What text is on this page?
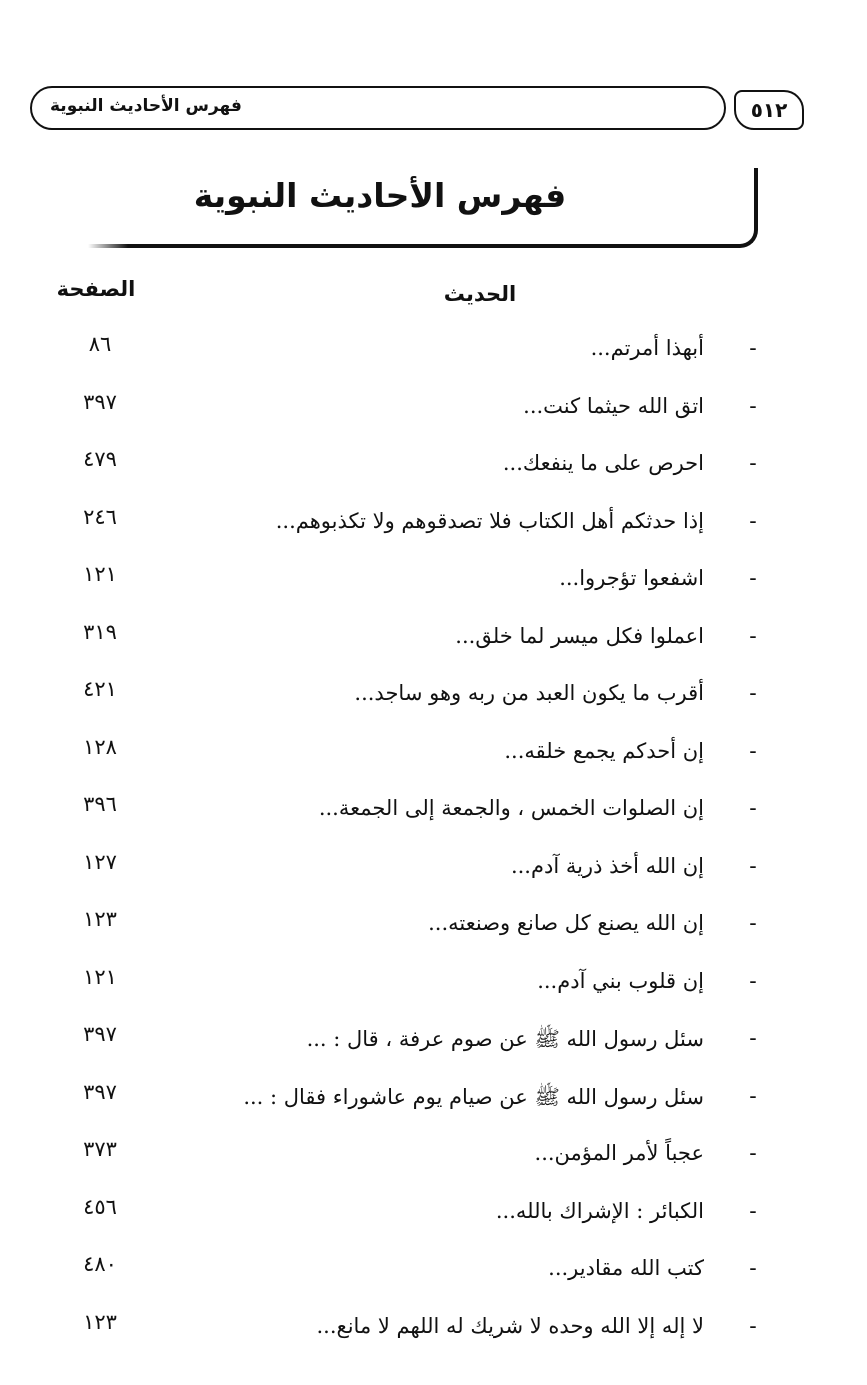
فهرس الأحاديث النبوية	٥١٢
فهرس الأحاديث النبوية
الحديث
الصفحة
-
أبهذا أمرتم...
٨٦
-
اتق الله حيثما كنت...
٣٩٧
-
احرص على ما ينفعك...
٤٧٩
-
إذا حدثكم أهل الكتاب فلا تصدقوهم ولا تكذبوهم...
٢٤٦
-
اشفعوا تؤجروا...
١٢١
-
اعملوا فكل ميسر لما خلق...
٣١٩
-
أقرب ما يكون العبد من ربه وهو ساجد...
٤٢١
-
إن أحدكم يجمع خلقه...
١٢٨
-
إن الصلوات الخمس ، والجمعة إلى الجمعة...
٣٩٦
-
إن الله أخذ ذرية آدم...
١٢٧
-
إن الله يصنع كل صانع وصنعته...
١٢٣
-
إن قلوب بني آدم...
١٢١
-
سئل رسول الله ﷺ عن صوم عرفة ، قال : ...
٣٩٧
-
سئل رسول الله ﷺ عن صيام يوم عاشوراء فقال : ...
٣٩٧
-
عجباً لأمر المؤمن...
٣٧٣
-
الكبائر : الإشراك بالله...
٤٥٦
-
كتب الله مقادير...
٤٨٠
-
لا إله إلا الله وحده لا شريك له اللهم لا مانع...
١٢٣
